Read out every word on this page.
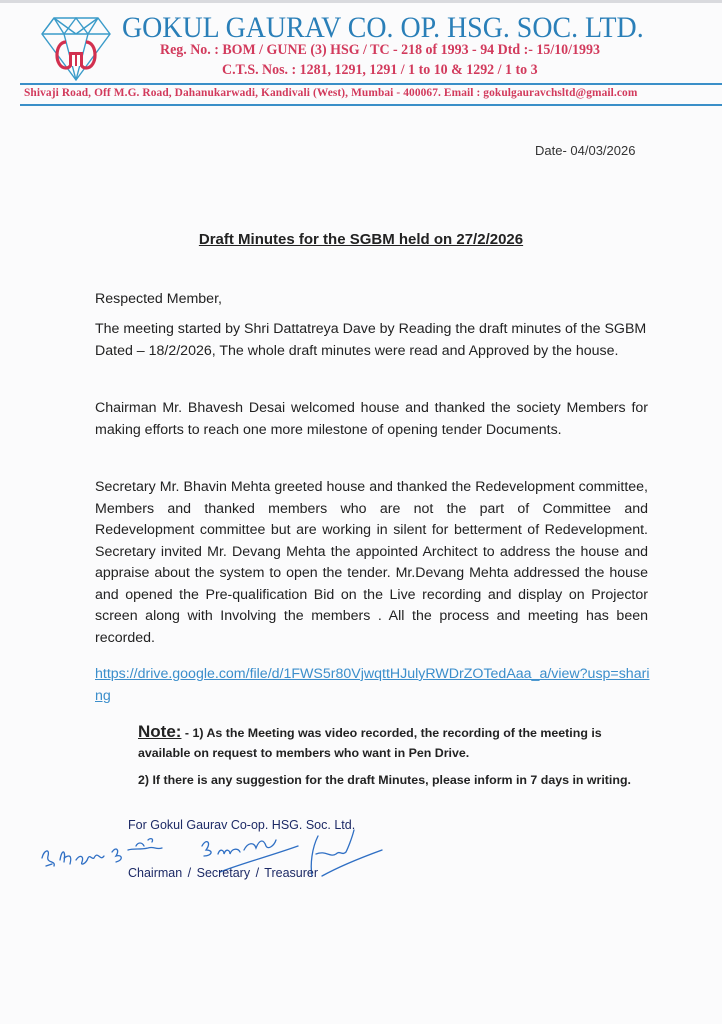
GOKUL GAURAV CO. OP. HSG. SOC. LTD.
Reg. No. : BOM / GUNE (3) HSG / TC - 218 of 1993 - 94 Dtd :- 15/10/1993
C.T.S. Nos. : 1281, 1291, 1291 / 1 to 10 & 1292 / 1 to 3
Shivaji Road, Off M.G. Road, Dahanukarwadi, Kandivali (West), Mumbai - 400067. Email : gokulgauravchsltd@gmail.com
Date- 04/03/2026
Draft Minutes for the SGBM held on 27/2/2026
Respected Member,
The meeting started by Shri Dattatreya Dave by Reading the draft minutes of the SGBM Dated – 18/2/2026, The whole draft minutes were read and Approved by the house.
Chairman Mr. Bhavesh Desai welcomed house and thanked the society Members for making efforts to reach one more milestone of opening tender Documents.
Secretary Mr. Bhavin Mehta greeted house and thanked the Redevelopment committee, Members and thanked members who are not the part of Committee and Redevelopment committee but are working in silent for betterment of Redevelopment. Secretary invited Mr. Devang Mehta the appointed Architect to address the house and appraise about the system to open the tender. Mr.Devang Mehta addressed the house and opened the Pre-qualification Bid on the Live recording and display on Projector screen along with Involving the members . All the process and meeting has been recorded.
https://drive.google.com/file/d/1FWS5r80VjwqttHJulyRWDrZOTedAaa_a/view?usp=sharing
Note: - 1) As the Meeting was video recorded, the recording of the meeting is available on request to members who want in Pen Drive.
2) If there is any suggestion for the draft Minutes, please inform in 7 days in writing.
For Gokul Gaurav Co-op. HSG. Soc. Ltd.
Chairman / Secretary / Treasurer
